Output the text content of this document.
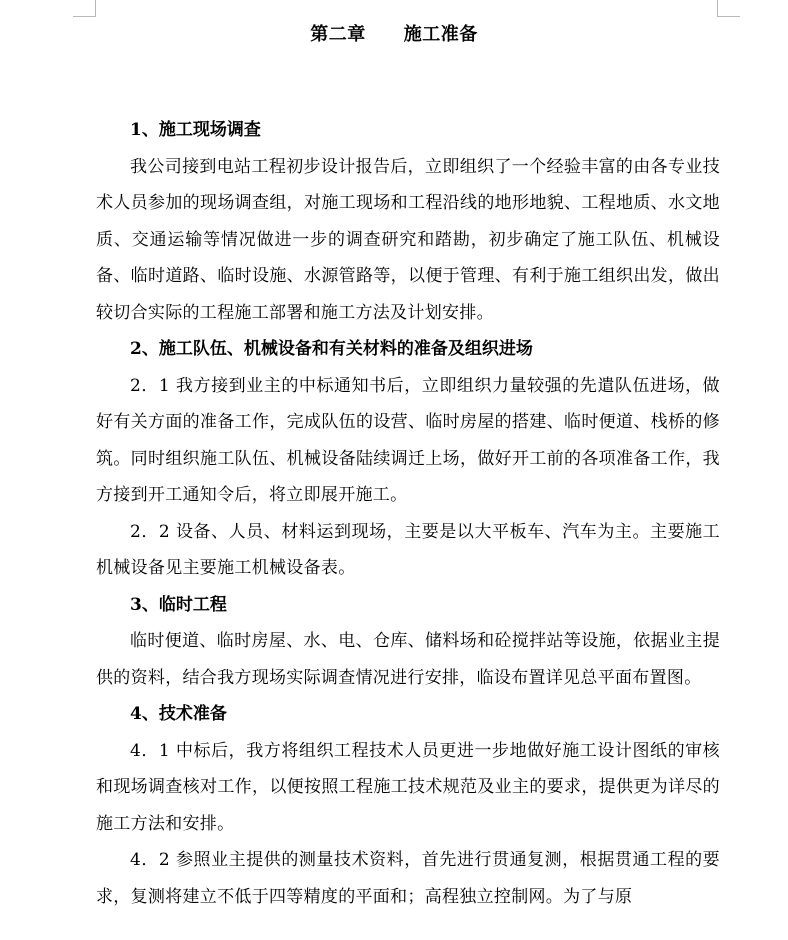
第二章 施工准备

1、施工现场调查

我公司接到电站工程初步设计报告后，立即组织了一个经验丰富的由各专业技术人员参加的现场调查组，对施工现场和工程沿线的地形地貌、工程地质、水文地质、交通运输等情况做进一步的调查研究和踏勘，初步确定了施工队伍、机械设备、临时道路、临时设施、水源管路等，以便于管理、有利于施工组织出发，做出较切合实际的工程施工部署和施工方法及计划安排。

2、施工队伍、机械设备和有关材料的准备及组织进场

2．1 我方接到业主的中标通知书后，立即组织力量较强的先遣队伍进场，做好有关方面的准备工作，完成队伍的设营、临时房屋的搭建、临时便道、栈桥的修筑。同时组织施工队伍、机械设备陆续调迁上场，做好开工前的各项准备工作，我方接到开工通知令后，将立即展开施工。

2．2 设备、人员、材料运到现场，主要是以大平板车、汽车为主。主要施工机械设备见主要施工机械设备表。

3、临时工程

临时便道、临时房屋、水、电、仓库、储料场和砼搅拌站等设施，依据业主提供的资料，结合我方现场实际调查情况进行安排，临设布置详见总平面布置图。

4、技术准备

4．1 中标后，我方将组织工程技术人员更进一步地做好施工设计图纸的审核和现场调查核对工作，以便按照工程施工技术规范及业主的要求，提供更为详尽的施工方法和安排。

4．2 参照业主提供的测量技术资料，首先进行贯通复测，根据贯通工程的要求，复测将建立不低于四等精度的平面和；高程独立控制网。为了与原
